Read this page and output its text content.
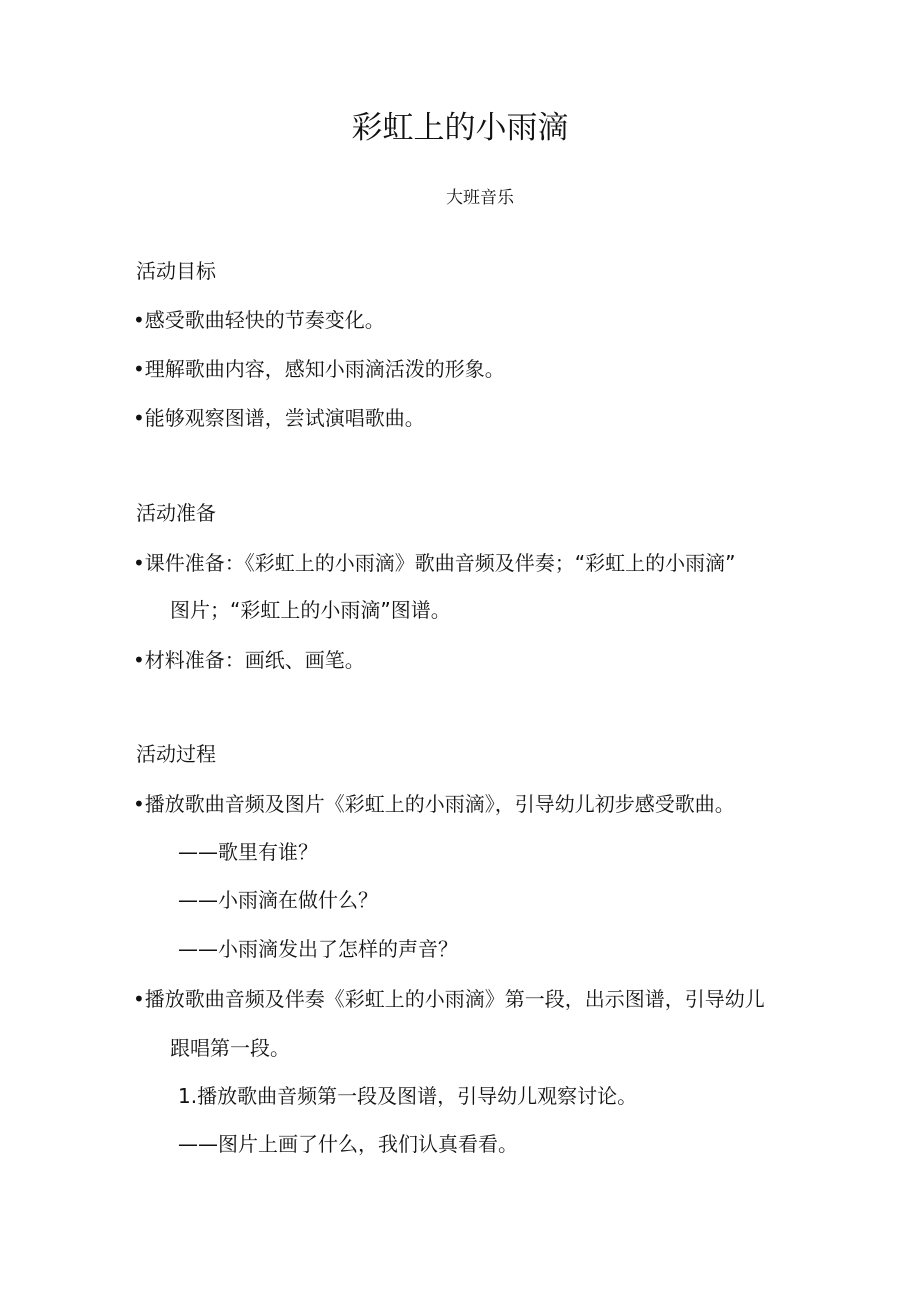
彩虹上的小雨滴
大班音乐
活动目标
•感受歌曲轻快的节奏变化。
•理解歌曲内容，感知小雨滴活泼的形象。
•能够观察图谱，尝试演唱歌曲。
活动准备
•课件准备：《彩虹上的小雨滴》歌曲音频及伴奏；“彩虹上的小雨滴”
图片；“彩虹上的小雨滴”图谱。
•材料准备：画纸、画笔。
活动过程
•播放歌曲音频及图片《彩虹上的小雨滴》，引导幼儿初步感受歌曲。
——歌里有谁？
——小雨滴在做什么？
——小雨滴发出了怎样的声音？
•播放歌曲音频及伴奏《彩虹上的小雨滴》第一段，出示图谱，引导幼儿
跟唱第一段。
1.播放歌曲音频第一段及图谱，引导幼儿观察讨论。
——图片上画了什么，我们认真看看。
